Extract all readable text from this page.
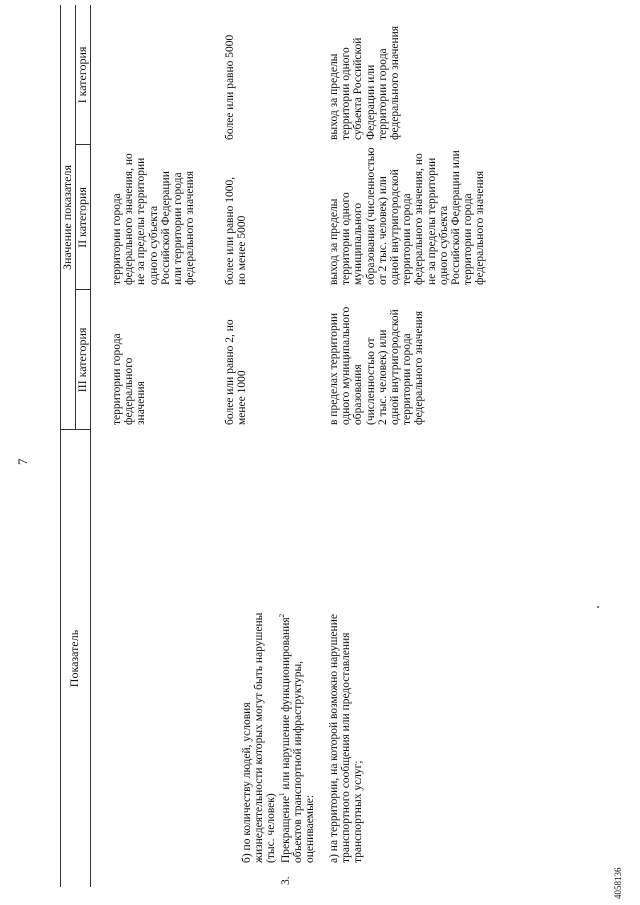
7
4058136
Показатель
Значение показателя
III категория
II категория
I категория
территории города федерального значения
территории города федерального значения, но не за пределы территории одного субъекта Российской Федерации или территории города федерального значения
б) по количеству людей, условия жизнедеятельности которых могут быть нарушены (тыс. человек)
более или равно 2, но менее 1000
более или равно 1000, но менее 5000
более или равно 5000
3.
Прекращение$^1$ или нарушение функционирования$^2$
объектов транспортной инфраструктуры, оцениваемые: а) на территории, на которой возможно нарушение транспортного сообщения или предоставления транспортных услуг;
в пределах территории одного муниципального образования (численностью от 2 тыс. человек) или одной внутригородской территории города федерального значения
выход за пределы территории одного муниципального образования (численностью от 2 тыс. человек) или одной внутригородской территории города федерального значения, но не за пределы территории одного субъекта Российской Федерации или территории города федерального значения
выход за пределы территории одного субъекта Российской Федерации или территории города федерального значения
